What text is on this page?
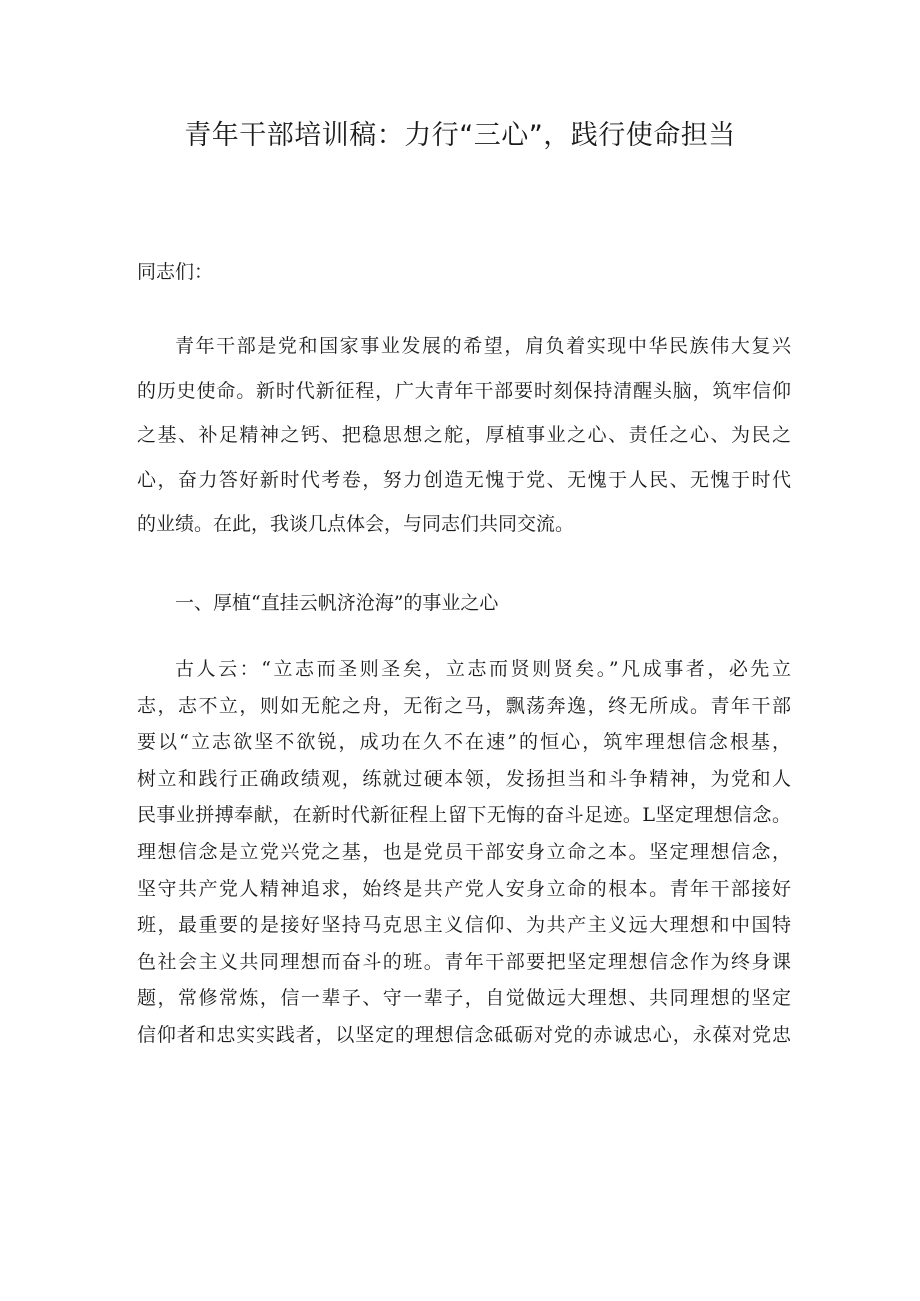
青年干部培训稿：力行“三心”，践行使命担当
同志们：
青年干部是党和国家事业发展的希望，肩负着实现中华民族伟大复兴
的历史使命。新时代新征程，广大青年干部要时刻保持清醒头脑，筑牢信仰
之基、补足精神之钙、把稳思想之舵，厚植事业之心、责任之心、为民之
心，奋力答好新时代考卷，努力创造无愧于党、无愧于人民、无愧于时代
的业绩。在此，我谈几点体会，与同志们共同交流。
一、厚植“直挂云帆济沧海”的事业之心
古人云：“立志而圣则圣矣，立志而贤则贤矣。”凡成事者，必先立
志，志不立，则如无舵之舟，无衔之马，飘荡奔逸，终无所成。青年干部
要以“立志欲坚不欲锐，成功在久不在速”的恒心，筑牢理想信念根基，
树立和践行正确政绩观，练就过硬本领，发扬担当和斗争精神，为党和人
民事业拼搏奉献，在新时代新征程上留下无悔的奋斗足迹。L坚定理想信念。
理想信念是立党兴党之基，也是党员干部安身立命之本。坚定理想信念，
坚守共产党人精神追求，始终是共产党人安身立命的根本。青年干部接好
班，最重要的是接好坚持马克思主义信仰、为共产主义远大理想和中国特
色社会主义共同理想而奋斗的班。青年干部要把坚定理想信念作为终身课
题，常修常炼，信一辈子、守一辈子，自觉做远大理想、共同理想的坚定
信仰者和忠实实践者，以坚定的理想信念砥砺对党的赤诚忠心，永葆对党忠
